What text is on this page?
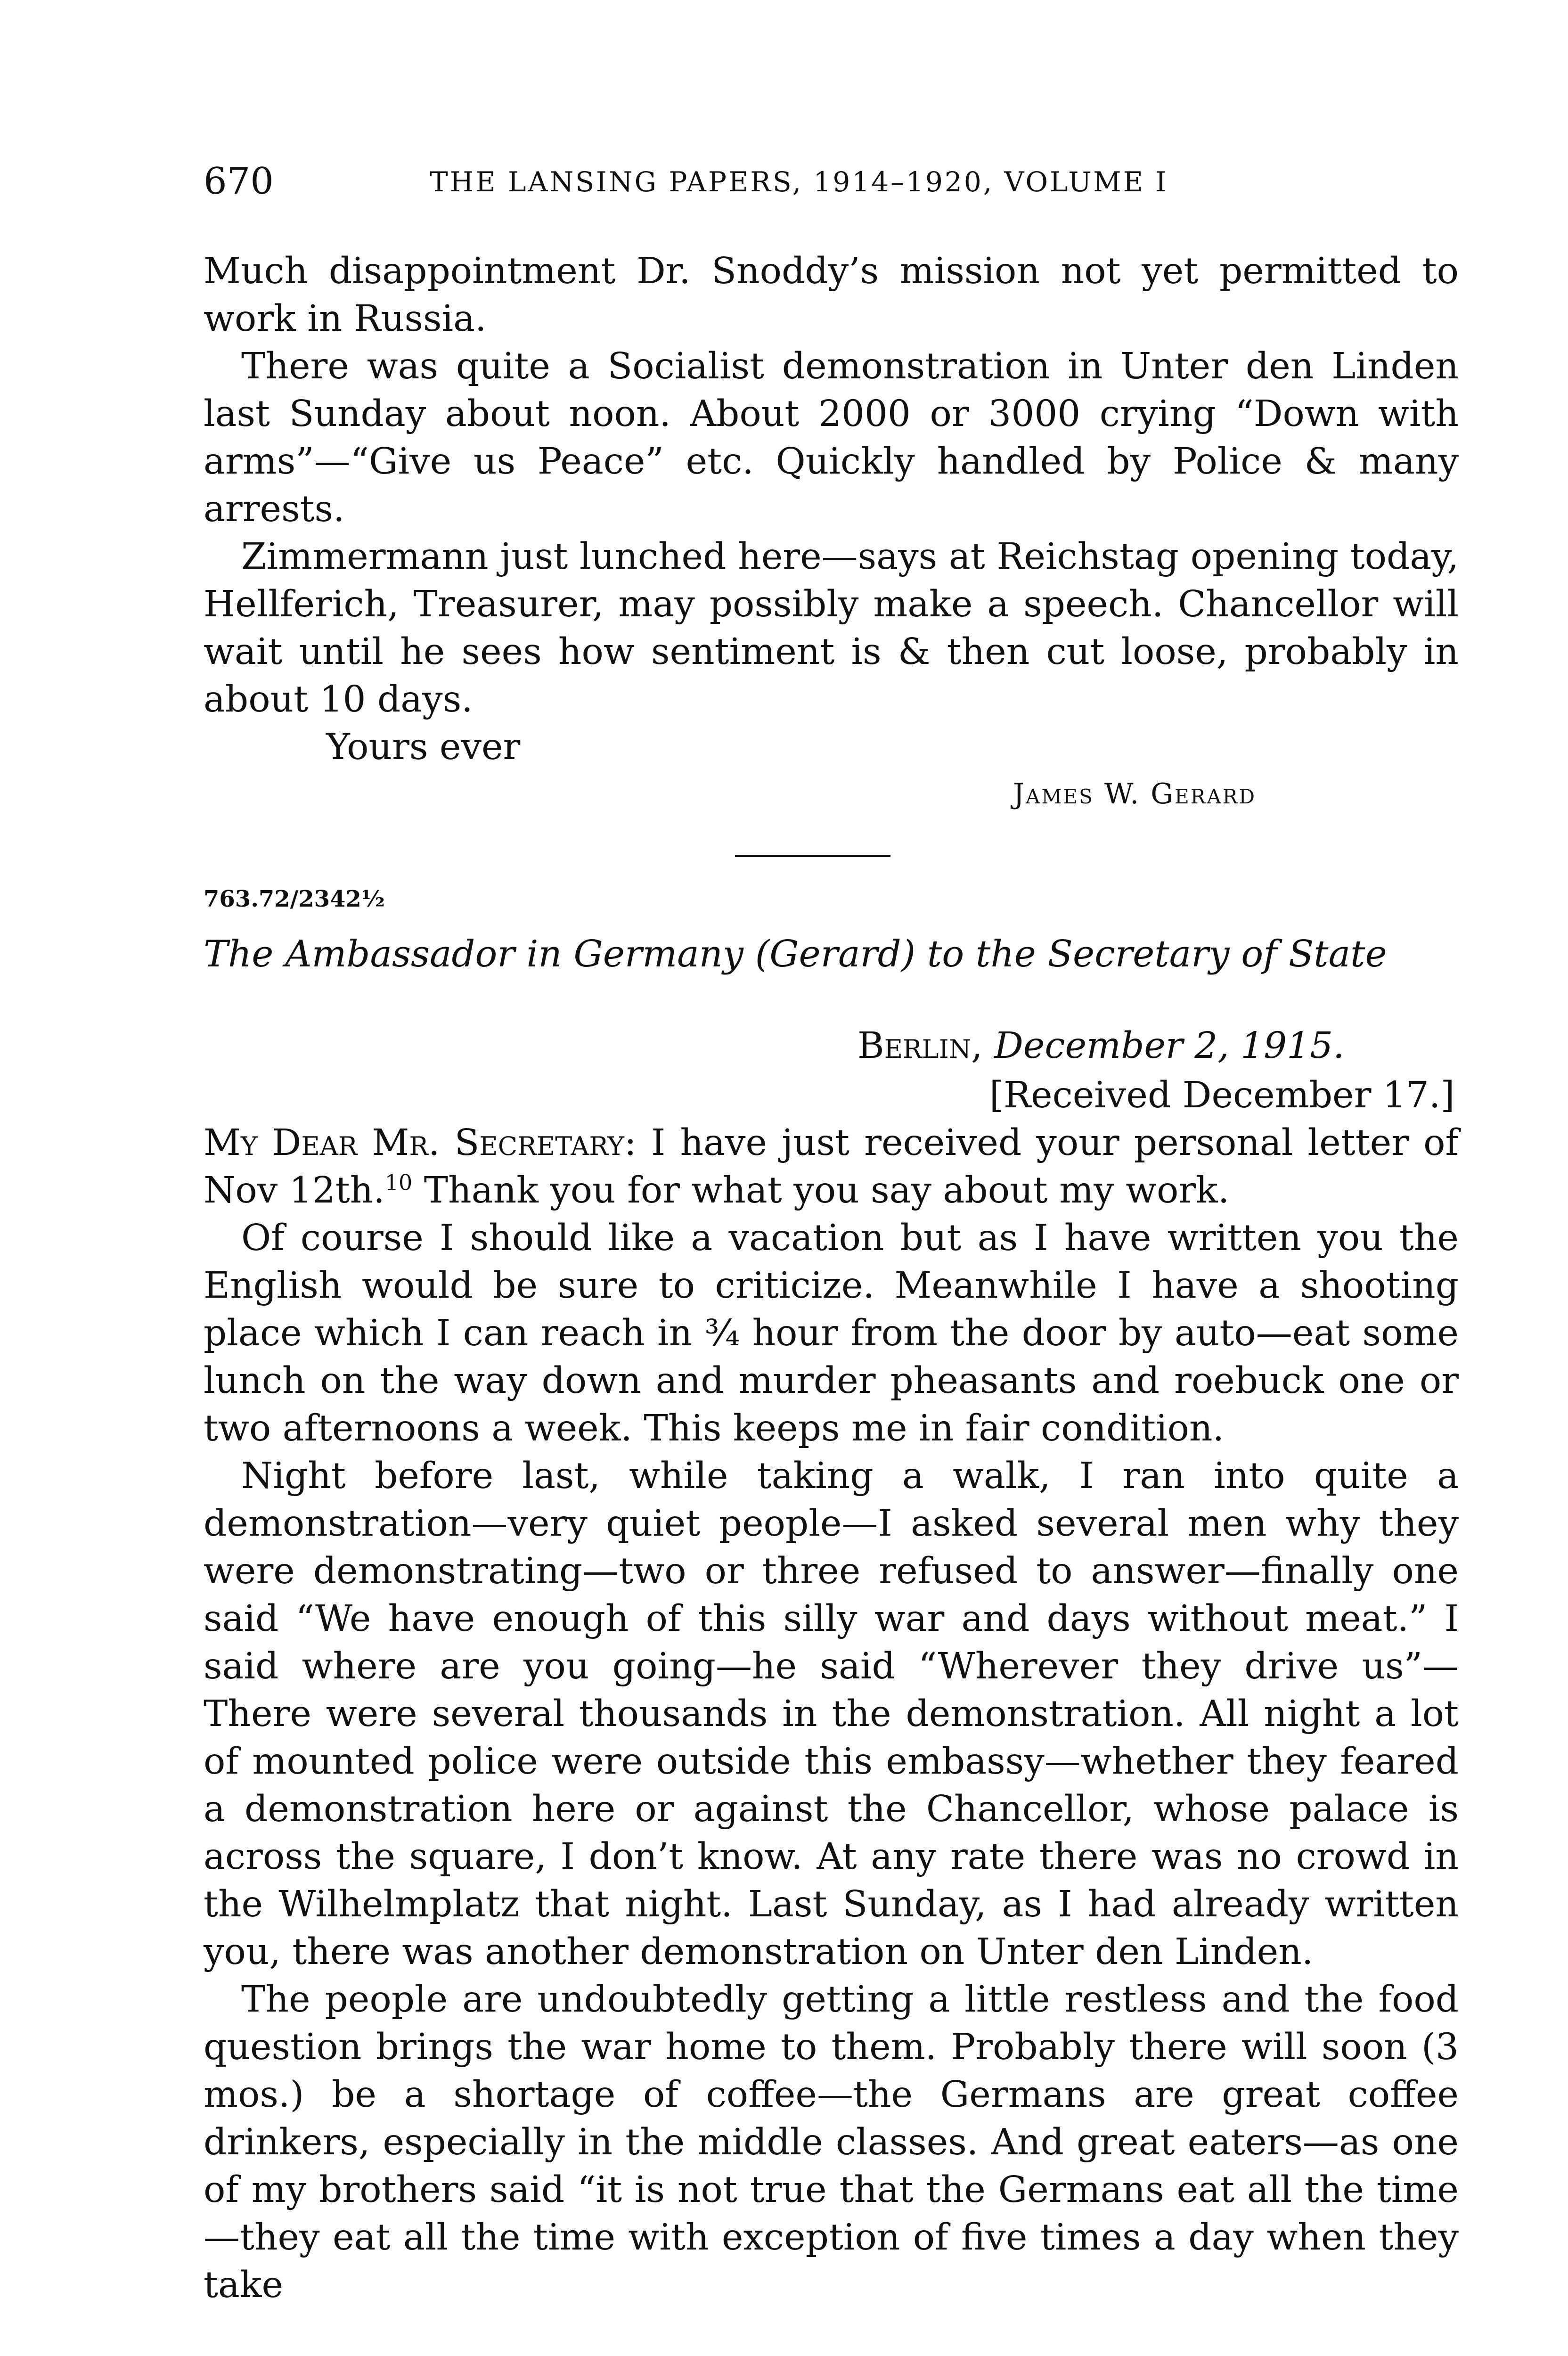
670	THE LANSING PAPERS, 1914–1920, VOLUME I

Much disappointment Dr. Snoddy’s mission not yet permitted to work in Russia.

There was quite a Socialist demonstration in Unter den Linden last Sunday about noon. About 2000 or 3000 crying “Down with arms”—“Give us Peace” etc. Quickly handled by Police & many arrests.

Zimmermann just lunched here—says at Reichstag opening today, Hellferich, Treasurer, may possibly make a speech. Chancellor will wait until he sees how sentiment is & then cut loose, probably in about 10 days.

Yours ever

James W. Gerard
763.72/2342½
The Ambassador in Germany (Gerard) to the Secretary of State
Berlin, December 2, 1915.
[Received December 17.]

My Dear Mr. Secretary: I have just received your personal letter of Nov 12th.$^{10}$ Thank you for what you say about my work.

Of course I should like a vacation but as I have written you the English would be sure to criticize. Meanwhile I have a shooting place which I can reach in ¾ hour from the door by auto—eat some lunch on the way down and murder pheasants and roebuck one or two afternoons a week. This keeps me in fair condition.

Night before last, while taking a walk, I ran into quite a demonstration—very quiet people—I asked several men why they were demonstrating—two or three refused to answer—finally one said “We have enough of this silly war and days without meat.” I said where are you going—he said “Wherever they drive us”—There were several thousands in the demonstration. All night a lot of mounted police were outside this embassy—whether they feared a demonstration here or against the Chancellor, whose palace is across the square, I don’t know. At any rate there was no crowd in the Wilhelmplatz that night. Last Sunday, as I had already written you, there was another demonstration on Unter den Linden.

The people are undoubtedly getting a little restless and the food question brings the war home to them. Probably there will soon (3 mos.) be a shortage of coffee—the Germans are great coffee drinkers, especially in the middle classes. And great eaters—as one of my brothers said “it is not true that the Germans eat all the time—they eat all the time with exception of five times a day when they take
